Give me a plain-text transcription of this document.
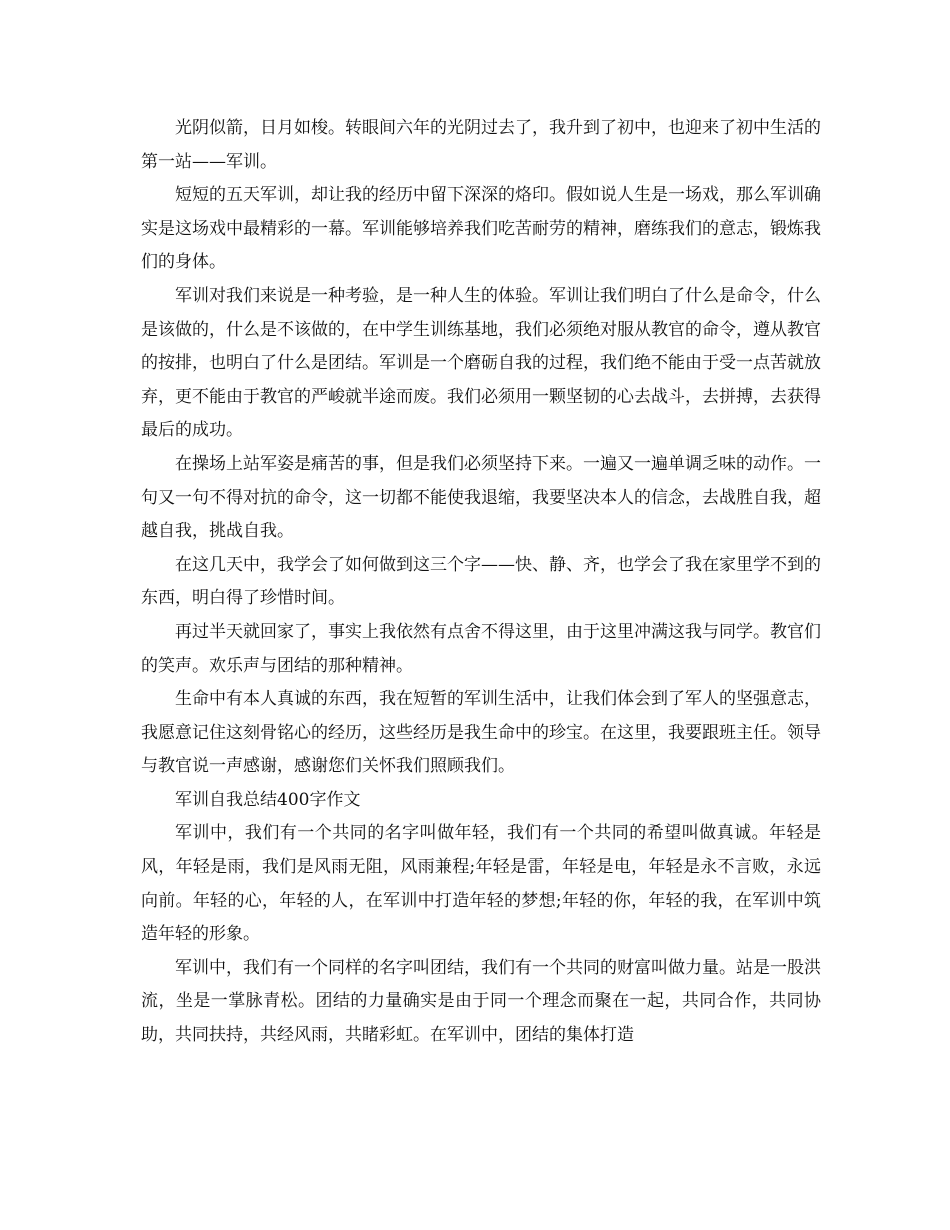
光阴似箭，日月如梭。转眼间六年的光阴过去了，我升到了初中，也迎来了初中生活的第一站——军训。

短短的五天军训，却让我的经历中留下深深的烙印。假如说人生是一场戏，那么军训确实是这场戏中最精彩的一幕。军训能够培养我们吃苦耐劳的精神，磨练我们的意志，锻炼我们的身体。

军训对我们来说是一种考验，是一种人生的体验。军训让我们明白了什么是命令，什么是该做的，什么是不该做的，在中学生训练基地，我们必须绝对服从教官的命令，遵从教官的按排，也明白了什么是团结。军训是一个磨砺自我的过程，我们绝不能由于受一点苦就放弃，更不能由于教官的严峻就半途而废。我们必须用一颗坚韧的心去战斗，去拼搏，去获得最后的成功。

在操场上站军姿是痛苦的事，但是我们必须坚持下来。一遍又一遍单调乏味的动作。一句又一句不得对抗的命令，这一切都不能使我退缩，我要坚决本人的信念，去战胜自我，超越自我，挑战自我。

在这几天中，我学会了如何做到这三个字——快、静、齐，也学会了我在家里学不到的东西，明白得了珍惜时间。

再过半天就回家了，事实上我依然有点舍不得这里，由于这里冲满这我与同学。教官们的笑声。欢乐声与团结的那种精神。

生命中有本人真诚的东西，我在短暂的军训生活中，让我们体会到了军人的坚强意志，我愿意记住这刻骨铭心的经历，这些经历是我生命中的珍宝。在这里，我要跟班主任。领导与教官说一声感谢，感谢您们关怀我们照顾我们。

军训自我总结400字作文

军训中，我们有一个共同的名字叫做年轻，我们有一个共同的希望叫做真诚。年轻是风，年轻是雨，我们是风雨无阻，风雨兼程;年轻是雷，年轻是电，年轻是永不言败，永远向前。年轻的心，年轻的人，在军训中打造年轻的梦想;年轻的你，年轻的我，在军训中筑造年轻的形象。

军训中，我们有一个同样的名字叫团结，我们有一个共同的财富叫做力量。站是一股洪流，坐是一掌脉青松。团结的力量确实是由于同一个理念而聚在一起，共同合作，共同协助，共同扶持，共经风雨，共睹彩虹。在军训中，团结的集体打造
